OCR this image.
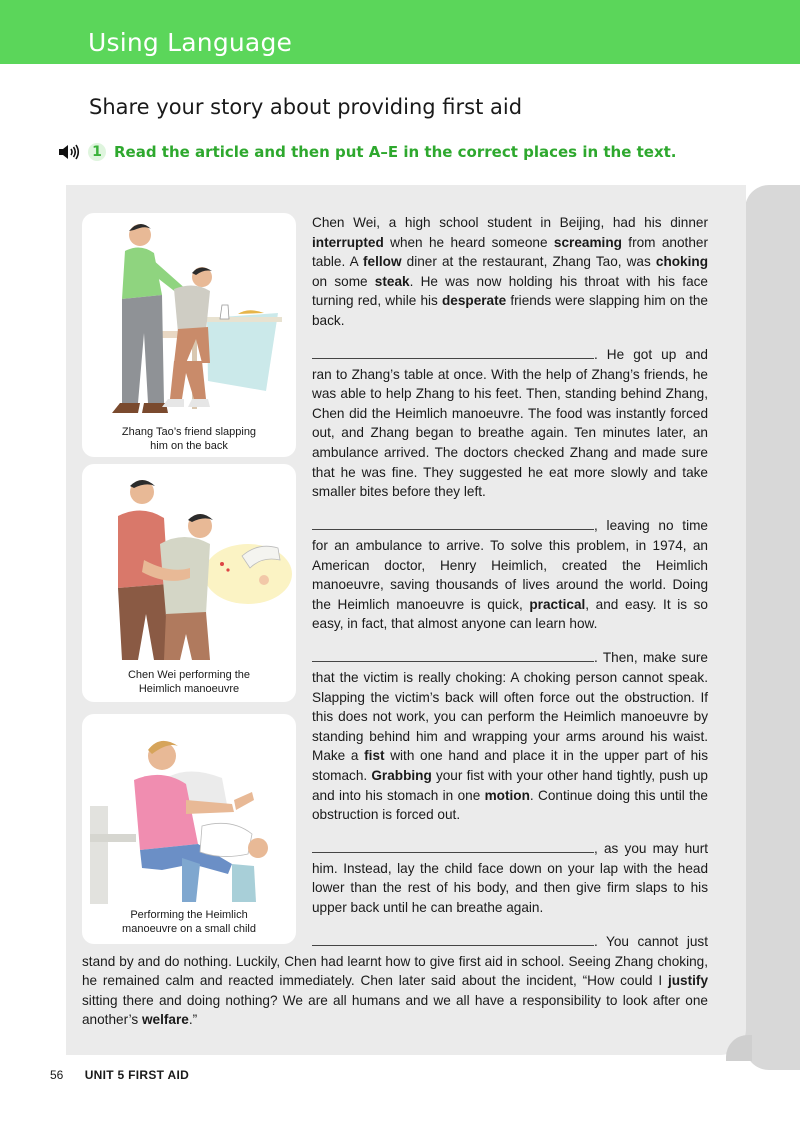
Using Language
Share your story about providing first aid
1 Read the article and then put A–E in the correct places in the text.
Zhang Tao’s friend slapping
him on the back
Chen Wei performing the
Heimlich manoeuvre
Performing the Heimlich
manoeuvre on a small child

Chen Wei, a high school student in Beijing, had his dinner interrupted when he heard someone screaming from another table. A fellow diner at the restaurant, Zhang Tao, was choking on some steak. He was now holding his throat with his face turning red, while his desperate friends were slapping him on the back.

. He got up and ran to Zhang’s table at once. With the help of Zhang’s friends, he was able to help Zhang to his feet. Then, standing behind Zhang, Chen did the Heimlich manoeuvre. The food was instantly forced out, and Zhang began to breathe again. Ten minutes later, an ambulance arrived. The doctors checked Zhang and made sure that he was fine. They suggested he eat more slowly and take smaller bites before they left.

, leaving no time for an ambulance to arrive. To solve this problem, in 1974, an American doctor, Henry Heimlich, created the Heimlich manoeuvre, saving thousands of lives around the world. Doing the Heimlich manoeuvre is quick, practical, and easy. It is so easy, in fact, that almost anyone can learn how.

. Then, make sure that the victim is really choking: A choking person cannot speak. Slapping the victim’s back will often force out the obstruction. If this does not work, you can perform the Heimlich manoeuvre by standing behind him and wrapping your arms around his waist. Make a fist with one hand and place it in the upper part of his stomach. Grabbing your fist with your other hand tightly, push up and into his stomach in one motion. Continue doing this until the obstruction is forced out.

, as you may hurt him. Instead, lay the child face down on your lap with the head lower than the rest of his body, and then give firm slaps to his upper back until he can breathe again.

. You cannot just stand by and do nothing. Luckily, Chen had learnt how to give first aid in school. Seeing Zhang choking, he remained calm and reacted immediately. Chen later said about the incident, “How could I justify sitting there and doing nothing? We are all humans and we all have a responsibility to look after one another’s welfare.”

56 UNIT 5 FIRST AID
